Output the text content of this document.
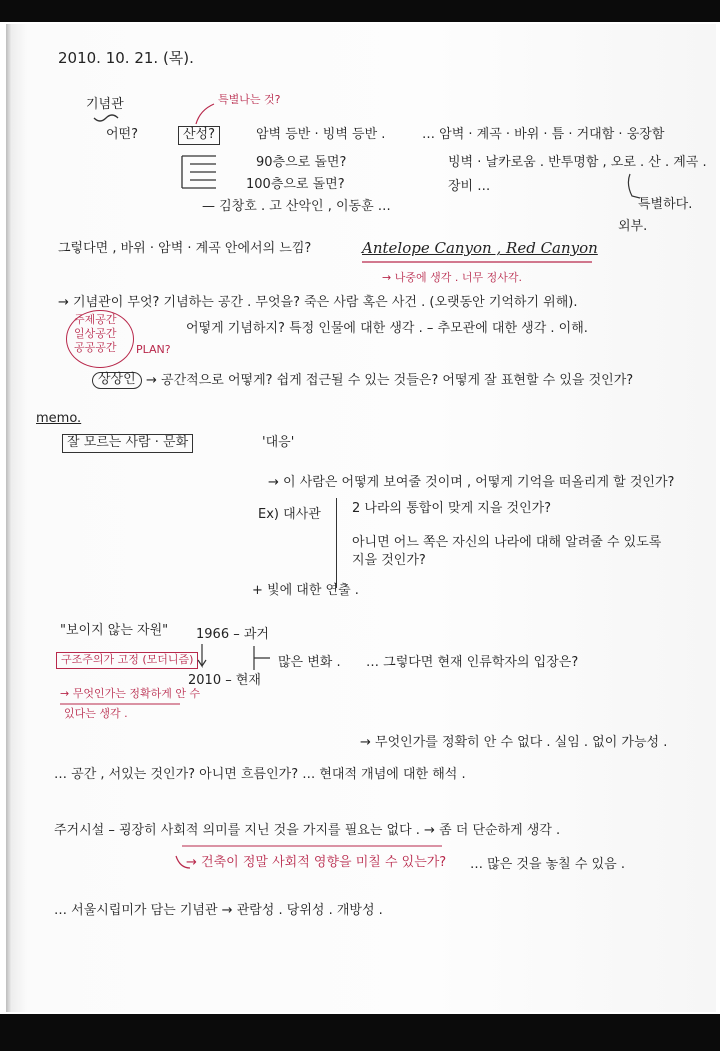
2010. 10. 21. (목).
기념관
어떤?
특별나는 것?
산성?	암벽 등반 · 빙벽 등반 .
90층으로 돌면?
100층으로 돌면?
— 김창호 . 고 산악인 , 이동훈 …
… 암벽 · 계곡 · 바위 · 틈 · 거대함 · 웅장함
빙벽 · 날카로움 . 반투명함 , 오로 . 산 . 계곡 .
장비 …
특별하다.
외부.
그렇다면 , 바위 · 암벽 · 계곡 안에서의 느낌?	Antelope Canyon , Red Canyon
→ 나중에 생각 . 너무 정사각.
→ 기념관이 무엇? 기념하는 공간 . 무엇을? 죽은 사람 혹은 사건 . (오랫동안 기억하기 위해).
어떻게 기념하지? 특정 인물에 대한 생각 . – 추모관에 대한 생각 . 이해.
주제공간
일상공간
공공공간 PLAN?
상상인 → 공간적으로 어떻게? 쉽게 접근될 수 있는 것들은? 어떻게 잘 표현할 수 있을 것인가?
memo.
잘 모르는 사람 · 문화	'대응'
→ 이 사람은 어떻게 보여줄 것이며 , 어떻게 기억을 떠올리게 할 것인가?
Ex) 대사관 2 나라의 통합이 맞게 지을 것인가?
아니면 어느 쪽은 자신의 나라에 대해 알려줄 수 있도록
지을 것인가?
+ 빛에 대한 연출 .
"보이지 않는 자원" 1966 – 과거
2010 – 현재
많은 변화 . … 그렇다면 현재 인류학자의 입장은?
구조주의가 고정 (모더니즘)
→ 무엇인가는 정확하게 안 수
있다는 생각 .
→ 무엇인가를 정확히 안 수 없다 . 실임 . 없이 가능성 .
… 공간 , 서있는 것인가? 아니면 흐름인가? … 현대적 개념에 대한 해석 .
주거시설 – 굉장히 사회적 의미를 지닌 것을 가지를 필요는 없다 . → 좀 더 단순하게 생각 .
→ 건축이 정말 사회적 영향을 미칠 수 있는가? … 많은 것을 놓칠 수 있음 .
… 서울시립미가 담는 기념관 → 관람성 . 당위성 . 개방성 .
